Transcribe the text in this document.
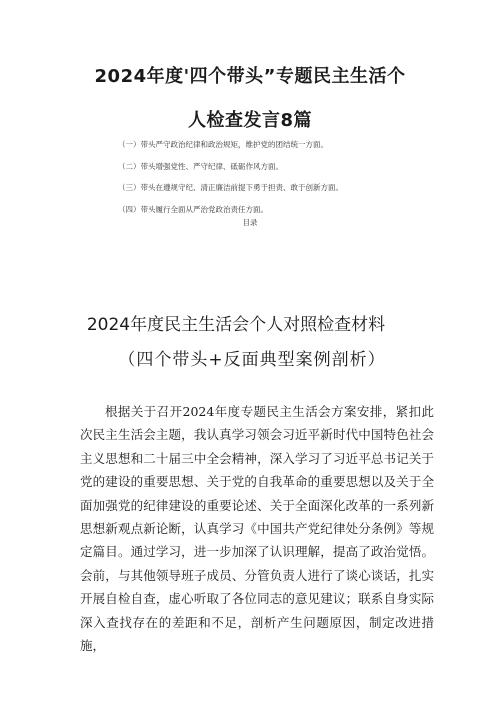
2024年度'四个带头”专题民主生活个
人检查发言8篇
（一）带头严守政治纪律和政治规矩，维护党的团结统一方面。
（二）带头增强党性、严守纪律、砥砺作风方面。
（三）带头在遵规守纪、清正廉洁前提下勇于担责、敢于创新方面。
（四）带头履行全面从严治党政治责任方面。
目录
2024年度民主生活会个人对照检查材料
（四个带头+反面典型案例剖析）
根据关于召开2024年度专题民主生活会方案安排，紧扣此次民主生活会主题，我认真学习领会习近平新时代中国特色社会主义思想和二十届三中全会精神，深入学习了习近平总书记关于党的建设的重要思想、关于党的自我革命的重要思想以及关于全面加强党的纪律建设的重要论述、关于全面深化改革的一系列新思想新观点新论断，认真学习《中国共产党纪律处分条例》等规定篇目。通过学习，进一步加深了认识理解，提高了政治觉悟。会前，与其他领导班子成员、分管负责人进行了谈心谈话，扎实开展自检自查，虚心听取了各位同志的意见建议；联系自身实际深入查找存在的差距和不足，剖析产生问题原因，制定改进措施，
